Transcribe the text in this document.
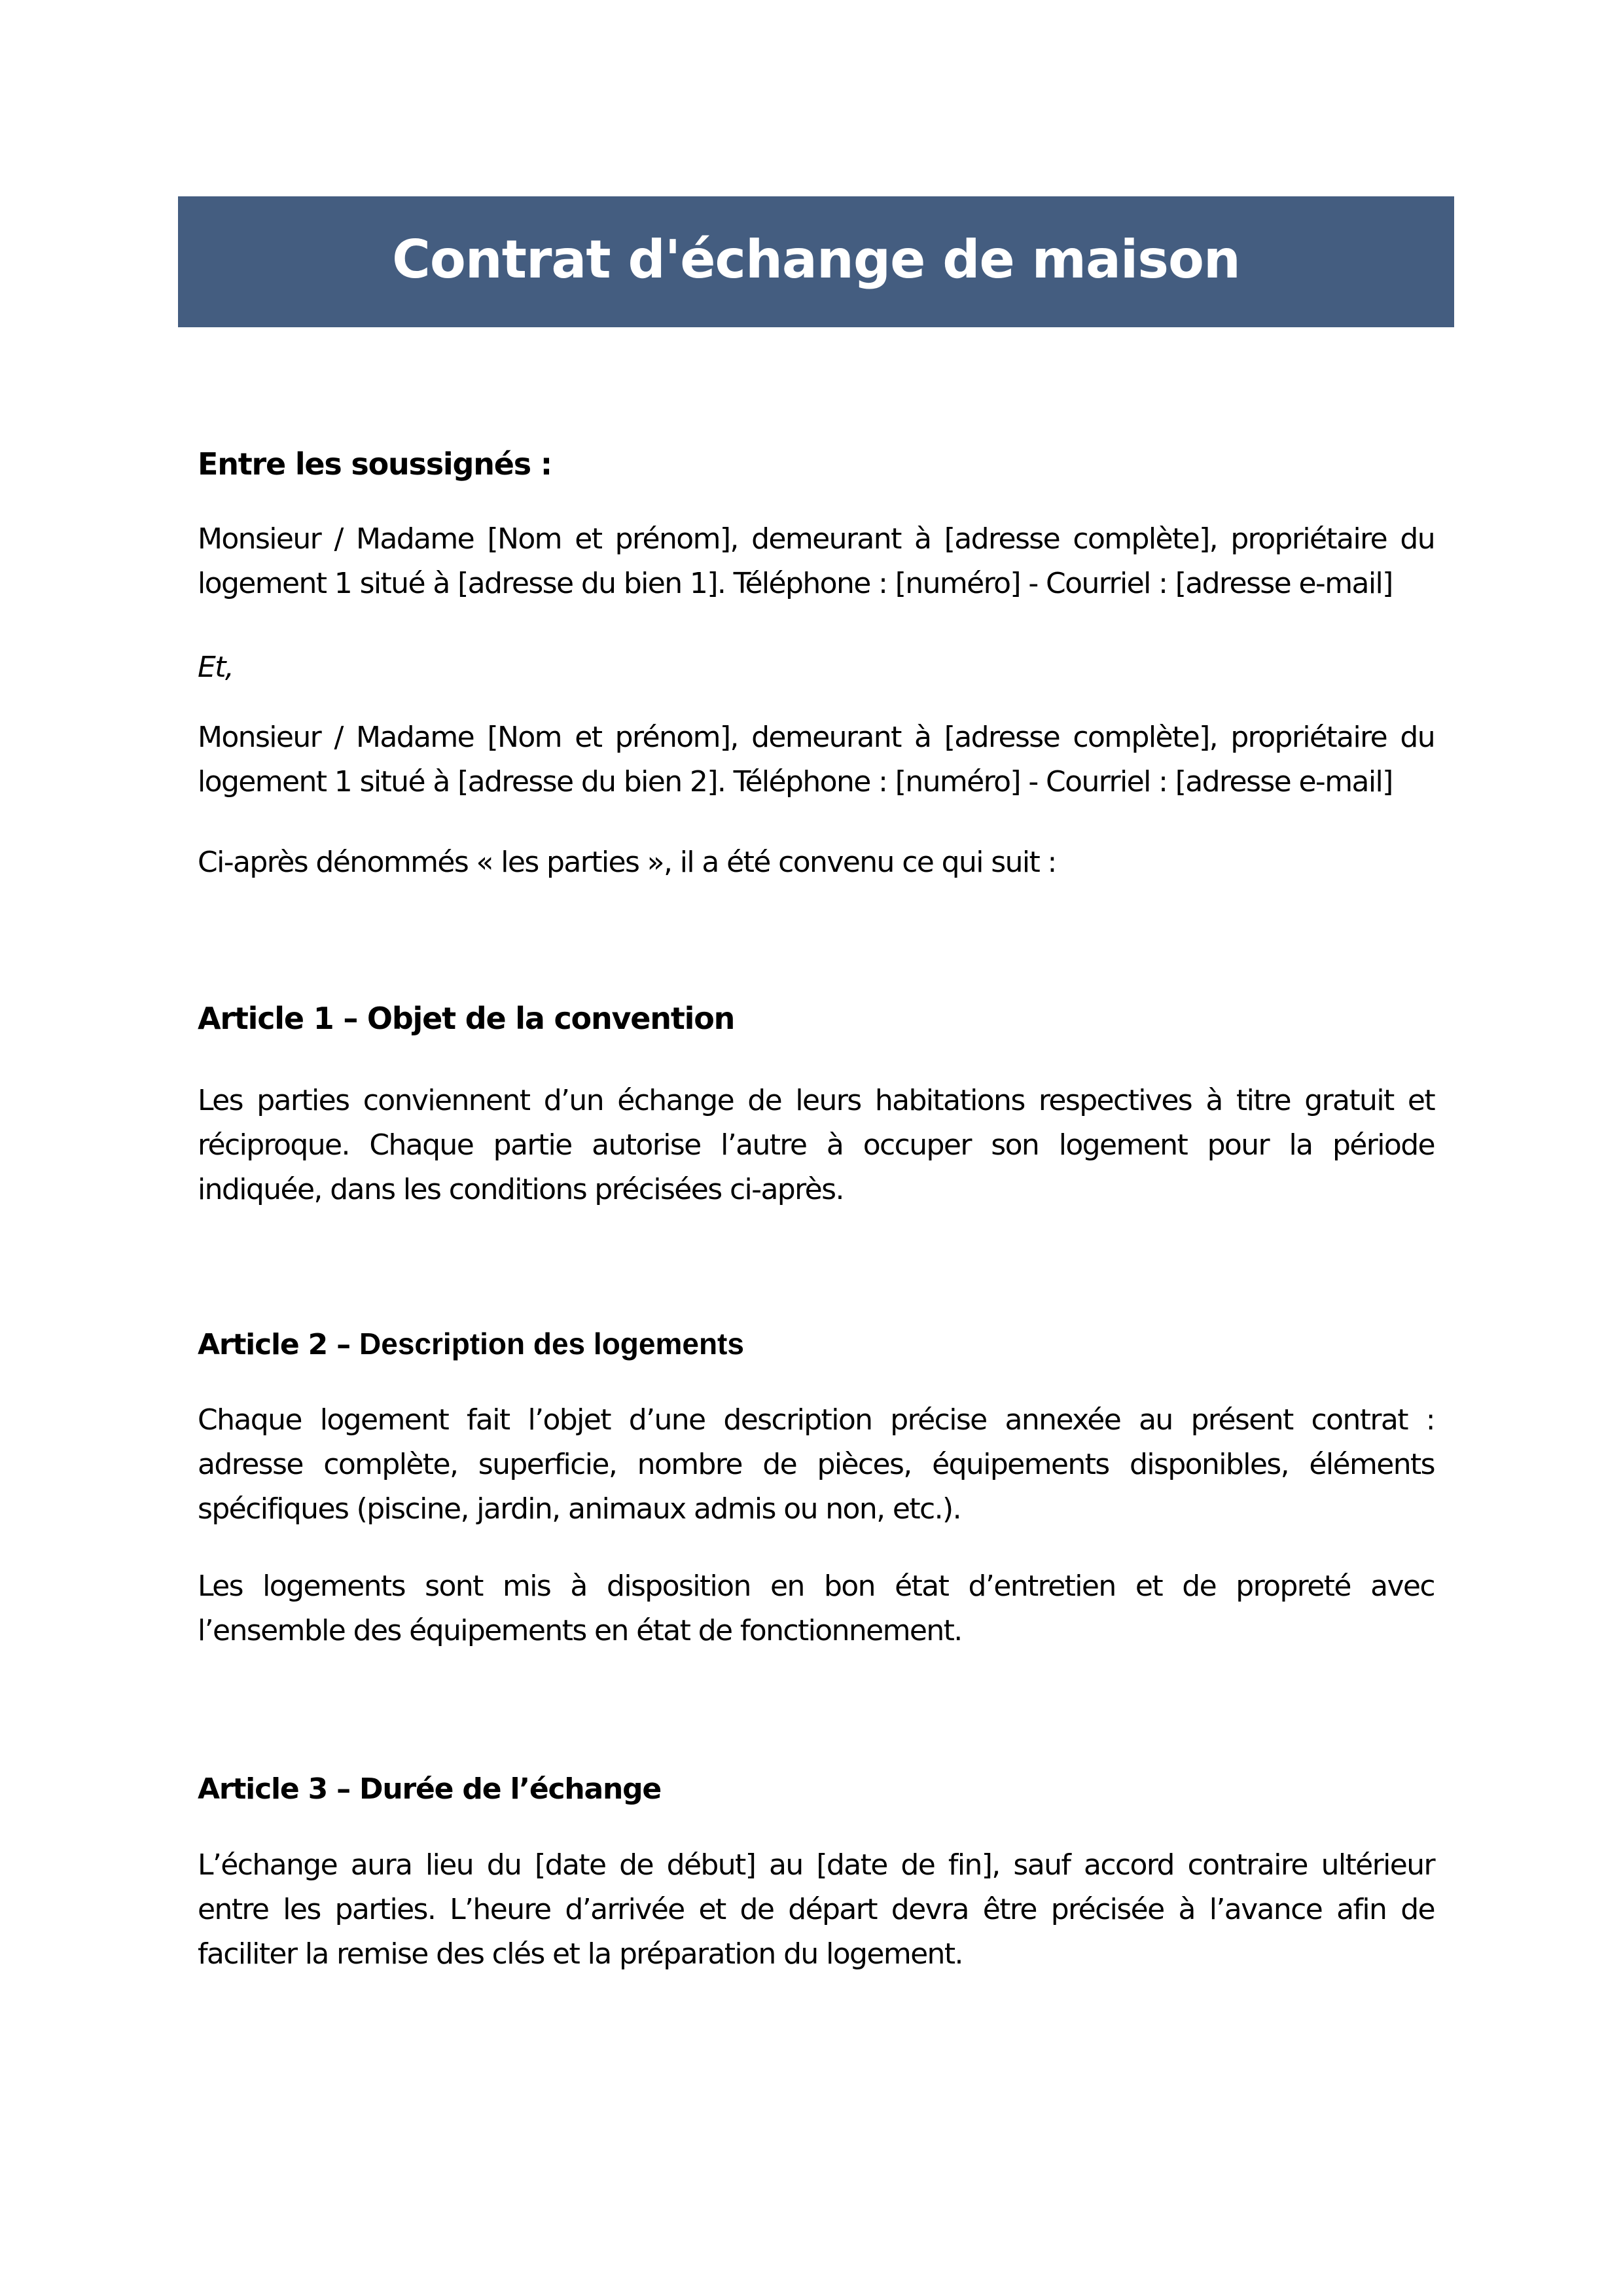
Contrat d'échange de maison
Entre les soussignés :
Monsieur / Madame [Nom et prénom], demeurant à [adresse complète], propriétaire du logement 1 situé à [adresse du bien 1]. Téléphone : [numéro] - Courriel : [adresse e-mail]
Et,
Monsieur / Madame [Nom et prénom], demeurant à [adresse complète], propriétaire du logement 1 situé à [adresse du bien 2]. Téléphone : [numéro] - Courriel : [adresse e-mail]
Ci-après dénommés « les parties », il a été convenu ce qui suit :
Article 1 – Objet de la convention
Les parties conviennent d’un échange de leurs habitations respectives à titre gratuit et réciproque. Chaque partie autorise l’autre à occuper son logement pour la période indiquée, dans les conditions précisées ci-après.
Article 2 – Description des logements
Chaque logement fait l’objet d’une description précise annexée au présent contrat : adresse complète, superficie, nombre de pièces, équipements disponibles, éléments spécifiques (piscine, jardin, animaux admis ou non, etc.).
Les logements sont mis à disposition en bon état d’entretien et de propreté avec l’ensemble des équipements en état de fonctionnement.
Article 3 – Durée de l’échange
L’échange aura lieu du [date de début] au [date de fin], sauf accord contraire ultérieur entre les parties. L’heure d’arrivée et de départ devra être précisée à l’avance afin de faciliter la remise des clés et la préparation du logement.
